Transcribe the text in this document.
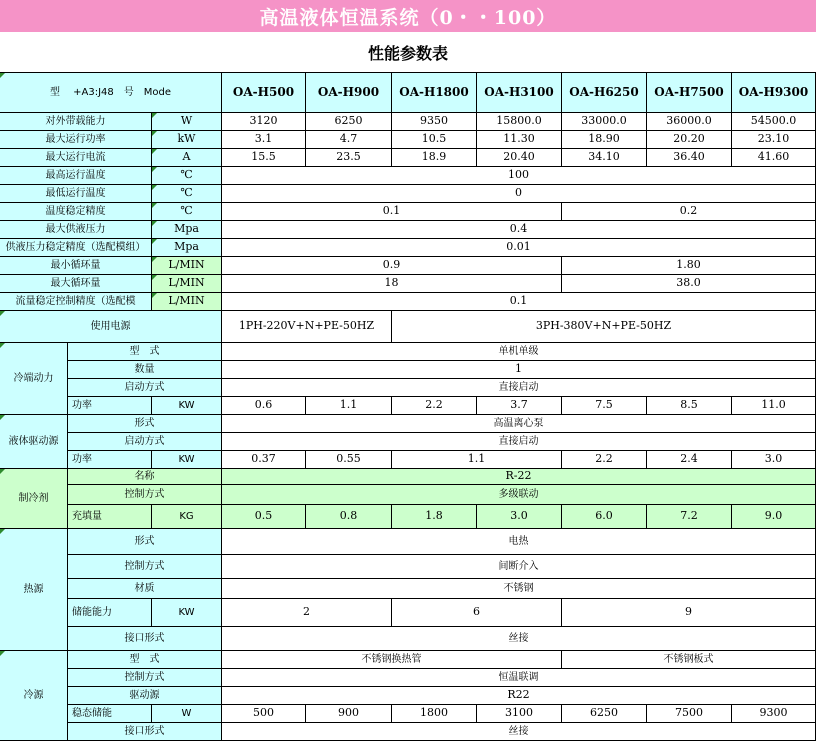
高温液体恒温系统（0・・100）
性能参数表
型　 +A3:J48　号　Mode	OA-H500	OA-H900	OA-H1800	OA-H3100	OA-H6250	OA-H7500	OA-H9300
对外带载能力	W	3120	6250	9350	15800.0	33000.0	36000.0	54500.0
最大运行功率	kW	3.1	4.7	10.5	11.30	18.90	20.20	23.10
最大运行电流	A	15.5	23.5	18.9	20.40	34.10	36.40	41.60
最高运行温度	℃	100
最低运行温度	℃	0
温度稳定精度	℃	0.1	0.2
最大供液压力	Mpa	0.4
供液压力稳定精度（选配模组）	Mpa	0.01
最小循环量	L/MIN	0.9	1.80
最大循环量	L/MIN	18	38.0
流量稳定控制精度（选配模	L/MIN	0.1
使用电源	1PH-220V+N+PE-50HZ	3PH-380V+N+PE-50HZ
冷端动力
型　式	单机单级
数量	1
启动方式	直接启动
功率	KW	0.6	1.1	2.2	3.7	7.5	8.5	11.0
液体驱动源
形式	高温离心泵
启动方式	直接启动
功率	KW	0.37	0.55	1.1	2.2	2.4	3.0
制冷剂
名称	R-22
控制方式	多级联动
充填量	KG	0.5	0.8	1.8	3.0	6.0	7.2	9.0
热源
形式	电热
控制方式	间断介入
材质	不锈钢
储能能力	KW	2	6	9
接口形式	丝接
冷源
型　式	不锈钢换热管	不锈钢板式
控制方式	恒温联调
驱动源	R22
稳态储能	W	500	900	1800	3100	6250	7500	9300
接口形式	丝接
